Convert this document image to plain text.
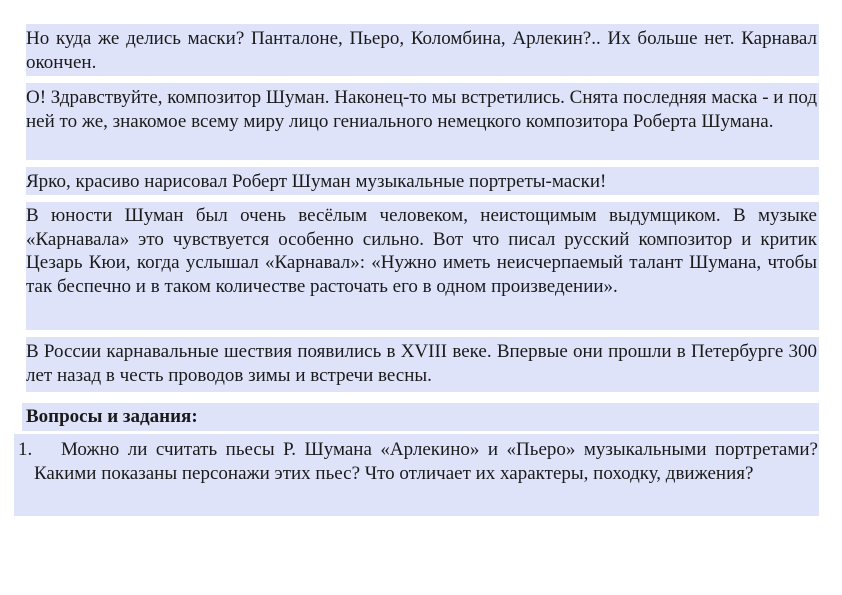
Но куда же делись маски? Панталоне, Пьеро, Коломбина, Арлекин?.. Их больше нет. Карнавал окончен.
О! Здравствуйте, композитор Шуман. Наконец-то мы встретились. Снята последняя маска - и под ней то же, знакомое всему миру лицо гениального немецкого композитора Роберта Шумана.
Ярко, красиво нарисовал Роберт Шуман музыкальные портреты-маски!
В юности Шуман был очень весёлым человеком, неистощимым выдумщиком. В музыке «Карнавала» это чувствуется особенно сильно. Вот что писал русский композитор и критик Цезарь Кюи, когда услышал «Карнавал»: «Нужно иметь неисчерпаемый талант Шумана, чтобы так беспечно и в таком количестве расточать его в одном произведении».
В России карнавальные шествия появились в XVIII веке. Впервые они прошли в Петербурге 300 лет назад в честь проводов зимы и встречи весны.
Вопросы и задания:
1.	Можно ли считать пьесы Р. Шумана «Арлекино» и «Пьеро» музыкальными портретами? Какими показаны персонажи этих пьес? Что отличает их характеры, походку, движения?
